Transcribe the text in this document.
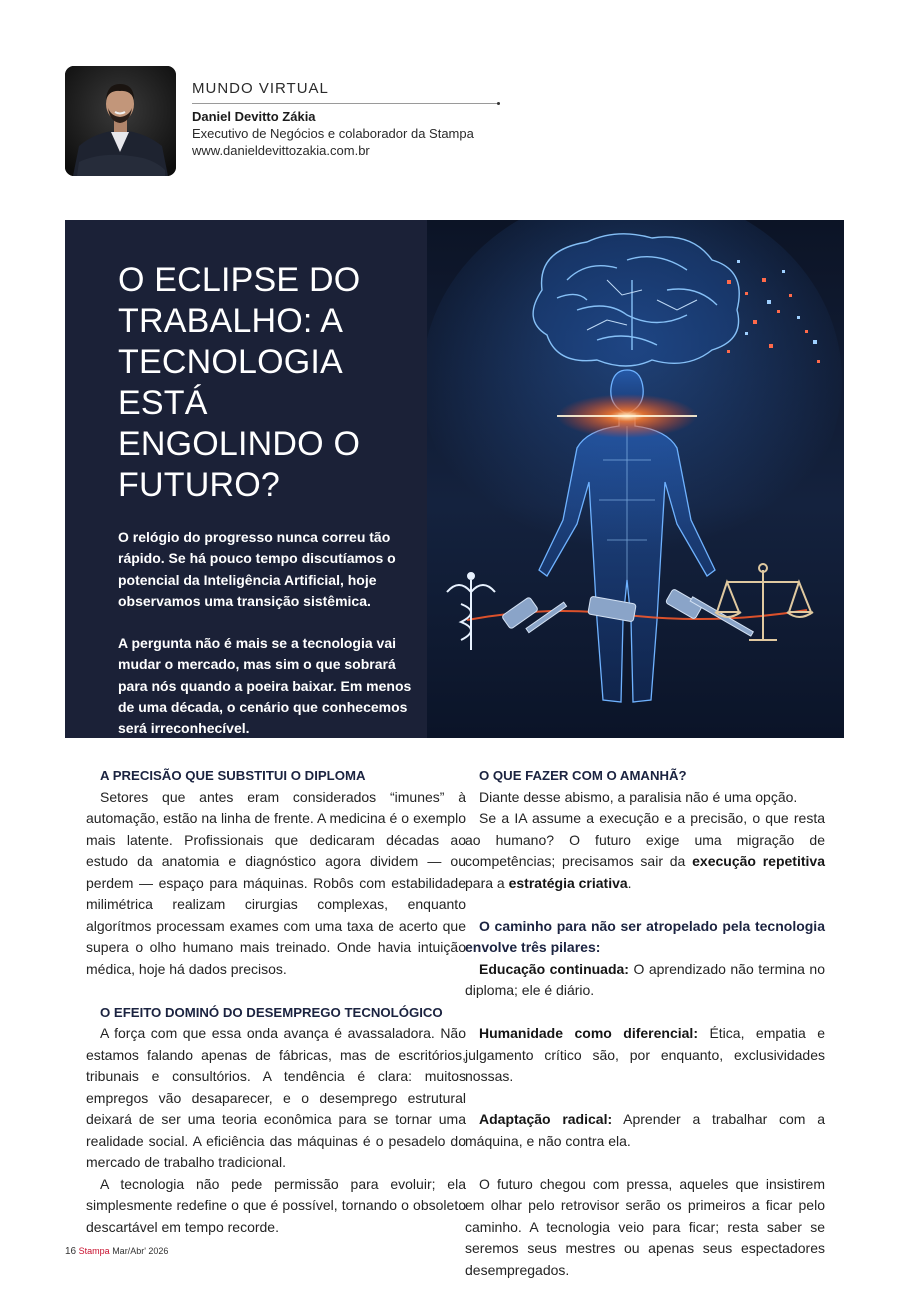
MUNDO VIRTUAL

Daniel Devitto Zákia
Executivo de Negócios e colaborador da Stampa
www.danieldevittozakia.com.br
O ECLIPSE DO TRABALHO: A TECNOLOGIA ESTÁ ENGOLINDO O FUTURO?

O relógio do progresso nunca correu tão rápido. Se há pouco tempo discutíamos o potencial da Inteligência Artificial, hoje observamos uma transição sistêmica.

A pergunta não é mais se a tecnologia vai mudar o mercado, mas sim o que sobrará para nós quando a poeira baixar. Em menos de uma década, o cenário que conhecemos será irreconhecível.

A PRECISÃO QUE SUBSTITUI O DIPLOMA

Setores que antes eram considerados “imunes” à automação, estão na linha de frente. A medicina é o exemplo mais latente. Profissionais que dedicaram décadas ao estudo da anatomia e diagnóstico agora dividem — ou perdem — espaço para máquinas. Robôs com estabilidade milimétrica realizam cirurgias complexas, enquanto algorítmos processam exames com uma taxa de acerto que supera o olho humano mais treinado. Onde havia intuição médica, hoje há dados precisos.

O EFEITO DOMINÓ DO DESEMPREGO TECNOLÓGICO

A força com que essa onda avança é avassaladora. Não estamos falando apenas de fábricas, mas de escritórios, tribunais e consultórios. A tendência é clara: muitos empregos vão desaparecer, e o desemprego estrutural deixará de ser uma teoria econômica para se tornar uma realidade social. A eficiência das máquinas é o pesadelo do mercado de trabalho tradicional.

A tecnologia não pede permissão para evoluir; ela simplesmente redefine o que é possível, tornando o obsoleto descartável em tempo recorde.

O QUE FAZER COM O AMANHÃ?

Diante desse abismo, a paralisia não é uma opção.

Se a IA assume a execução e a precisão, o que resta ao humano? O futuro exige uma migração de competências; precisamos sair da execução repetitiva para a estratégia criativa.

O caminho para não ser atropelado pela tecnologia envolve três pilares:

Educação continuada: O aprendizado não termina no diploma; ele é diário.

Humanidade como diferencial: Ética, empatia e julgamento crítico são, por enquanto, exclusividades nossas.

Adaptação radical: Aprender a trabalhar com a máquina, e não contra ela.

O futuro chegou com pressa, aqueles que insistirem em olhar pelo retrovisor serão os primeiros a ficar pelo caminho. A tecnologia veio para ficar; resta saber se seremos seus mestres ou apenas seus espectadores desempregados.

16 Stampa Mar/Abr' 2026
